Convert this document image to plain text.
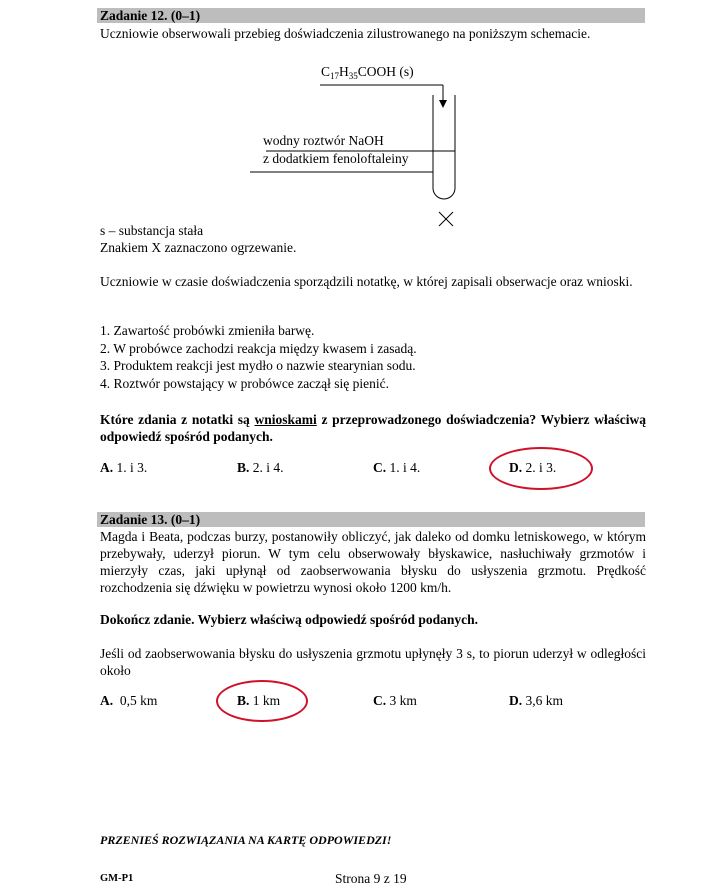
Zadanie 12. (0–1)
Uczniowie obserwowali przebieg doświadczenia zilustrowanego na poniższym schemacie.
$C_{17}H_{35}COOH$ (s)
wodny roztwór NaOH
z dodatkiem fenoloftaleiny
s – substancja stała
Znakiem X zaznaczono ogrzewanie.
Uczniowie w czasie doświadczenia sporządzili notatkę, w której zapisali obserwacje oraz wnioski.
1. Zawartość probówki zmieniła barwę.
2. W probówce zachodzi reakcja między kwasem i zasadą.
3. Produktem reakcji jest mydło o nazwie stearynian sodu.
4. Roztwór powstający w probówce zaczął się pienić.
Które zdania z notatki są wnioskami z przeprowadzonego doświadczenia? Wybierz właściwą odpowiedź spośród podanych.
A. 1. i 3.	B. 2. i 4.	C. 1. i 4.	D. 2. i 3.
Zadanie 13. (0–1)
Magda i Beata, podczas burzy, postanowiły obliczyć, jak daleko od domku letniskowego, w którym przebywały, uderzył piorun. W tym celu obserwowały błyskawice, nasłuchiwały grzmotów i mierzyły czas, jaki upłynął od zaobserwowania błysku do usłyszenia grzmotu. Prędkość rozchodzenia się dźwięku w powietrzu wynosi około 1200 km/h.
Dokończ zdanie. Wybierz właściwą odpowiedź spośród podanych.
Jeśli od zaobserwowania błysku do usłyszenia grzmotu upłynęły 3 s, to piorun uderzył w odległości około
A. 0,5 km	B. 1 km	C. 3 km	D. 3,6 km
PRZENIEŚ ROZWIĄZANIA NA KARTĘ ODPOWIEDZI!
GM-P1	Strona 9 z 19
